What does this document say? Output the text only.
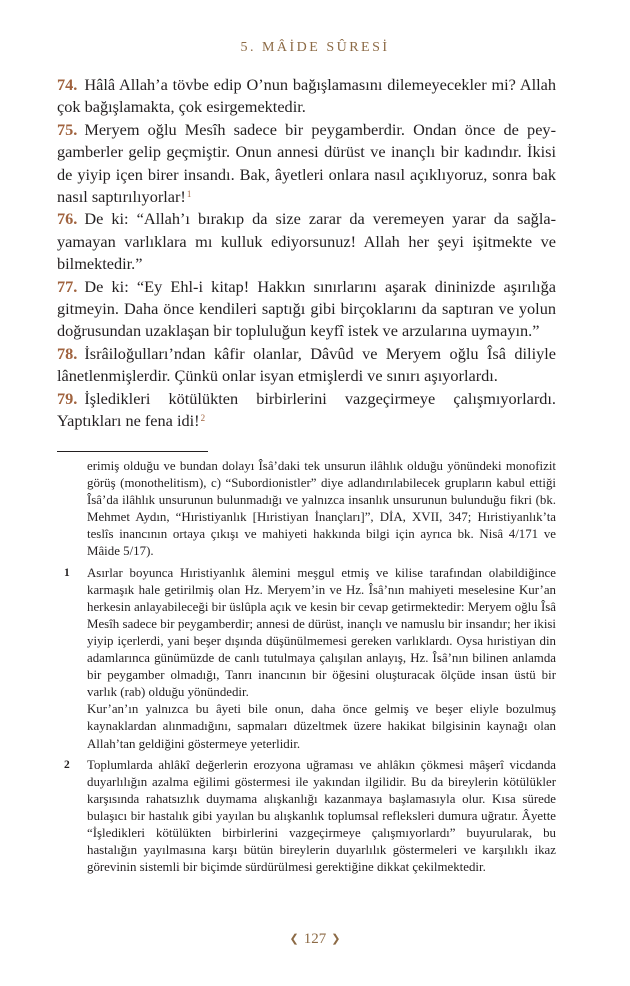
5. MÂİDE SÛRESİ

74. Hâlâ Allah’a tövbe edip O’nun bağışlamasını dilemeyecekler mi? Allah çok bağışlamakta, çok esirgemektedir.

75. Meryem oğlu Mesîh sadece bir peygamberdir. Ondan önce de peygamberler gelip geçmiştir. Onun annesi dürüst ve inançlı bir kadındır. İkisi de yiyip içen birer insandı. Bak, âyetleri onlara nasıl açıklıyoruz, sonra bak nasıl saptırılıyorlar!$^1$

76. De ki: “Allah’ı bırakıp da size zarar da veremeyen yarar da sağlayamayan varlıklara mı kulluk ediyorsunuz! Allah her şeyi işitmekte ve bilmektedir.”

77. De ki: “Ey Ehl-i kitap! Hakkın sınırlarını aşarak dininizde aşırılığa gitmeyin. Daha önce kendileri saptığı gibi birçoklarını da saptıran ve yolun doğrusundan uzaklaşan bir topluluğun keyfî istek ve arzularına uymayın.”

78. İsrâiloğulları’ndan kâfir olanlar, Dâvûd ve Meryem oğlu Îsâ diliyle lânetlenmişlerdir. Çünkü onlar isyan etmişlerdi ve sınırı aşıyorlardı.

79. İşledikleri kötülükten birbirlerini vazgeçirmeye çalışmıyorlardı. Yaptıkları ne fena idi!$^2$

erimiş olduğu ve bundan dolayı Îsâ’daki tek unsurun ilâhlık olduğu yönündeki monofizit görüş (monothelitism), c) “Subordionistler” diye adlandırılabilecek grupların kabul ettiği Îsâ’da ilâhlık unsurunun bulunmadığı ve yalnızca insanlık unsurunun bulunduğu fikri (bk. Mehmet Aydın, “Hıristiyanlık [Hıristiyan İnançları]”, DİA, XVII, 347; Hıristiyanlık’ta teslîs inancının ortaya çıkışı ve mahiyeti hakkında bilgi için ayrıca bk. Nisâ 4/171 ve Mâide 5/17).

1 Asırlar boyunca Hıristiyanlık âlemini meşgul etmiş ve kilise tarafından olabildiğince karmaşık hale getirilmiş olan Hz. Meryem’in ve Hz. Îsâ’nın mahiyeti meselesine Kur’an herkesin anlayabileceği bir üslûpla açık ve kesin bir cevap getirmektedir: Meryem oğlu Îsâ Mesîh sadece bir peygamberdir; annesi de dürüst, inançlı ve namuslu bir insandır; her ikisi yiyip içerlerdi, yani beşer dışında düşünülmemesi gereken varlıklardı. Oysa hıristiyan din adamlarınca günümüzde de canlı tutulmaya çalışılan anlayış, Hz. Îsâ’nın bilinen anlamda bir peygamber olmadığı, Tanrı inancının bir öğesini oluşturacak ölçüde insan üstü bir varlık (rab) olduğu yönündedir.

Kur’an’ın yalnızca bu âyeti bile onun, daha önce gelmiş ve beşer eliyle bozulmuş kaynaklardan alınmadığını, sapmaları düzeltmek üzere hakikat bilgisinin kaynağı olan Allah’tan geldiğini göstermeye yeterlidir.

2 Toplumlarda ahlâkî değerlerin erozyona uğraması ve ahlâkın çökmesi mâşerî vicdanda duyarlılığın azalma eğilimi göstermesi ile yakından ilgilidir. Bu da bireylerin kötülükler karşısında rahatsızlık duymama alışkanlığı kazanmaya başlamasıyla olur. Kısa sürede bulaşıcı bir hastalık gibi yayılan bu alışkanlık toplumsal refleksleri dumura uğratır. Âyette “İşledikleri kötülükten birbirlerini vazgeçirmeye çalışmıyorlardı” buyurularak, bu hastalığın yayılmasına karşı bütün bireylerin duyarlılık göstermeleri ve karşılıklı ikaz görevinin sistemli bir biçimde sürdürülmesi gerektiğine dikkat çekilmektedir.

❮ 127 ❯
